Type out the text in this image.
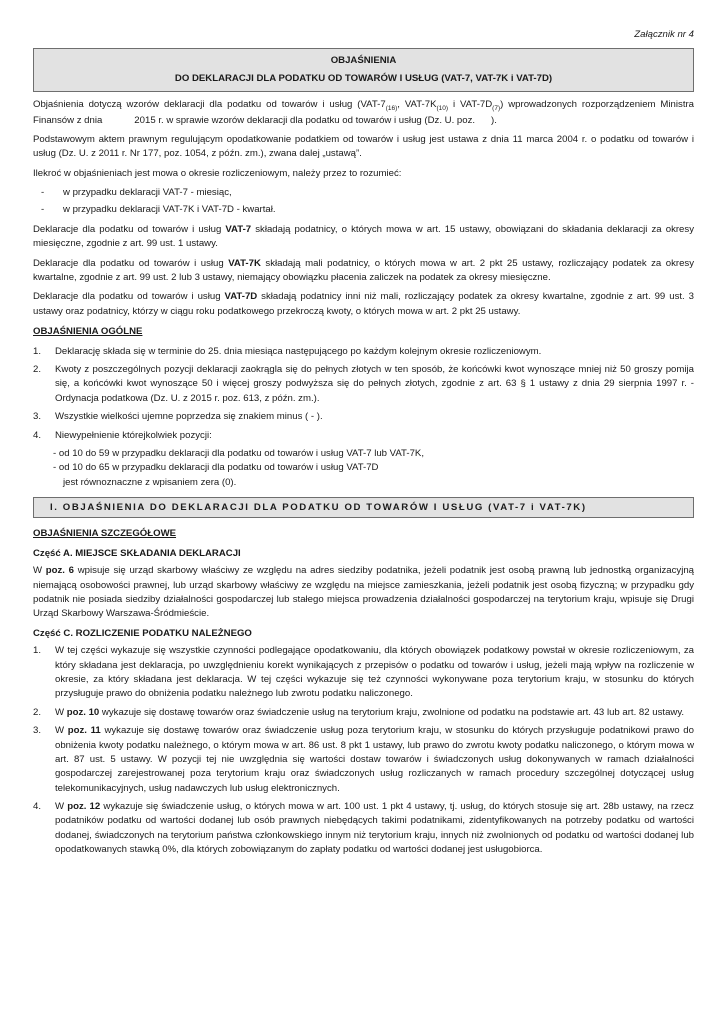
Załącznik nr 4
OBJAŚNIENIA
DO DEKLARACJI DLA PODATKU OD TOWARÓW I USŁUG (VAT-7, VAT-7K i VAT-7D)

Objaśnienia dotyczą wzorów deklaracji dla podatku od towarów i usług ($VAT-7_{(16)}$, VAT-$7K_{(10)}$ i VAT-$7D_{(7)}$) wprowadzonych rozporządzeniem Ministra Finansów z dnia            2015 r. w sprawie wzorów deklaracji dla podatku od towarów i usług (Dz. U. poz.      ).

Podstawowym aktem prawnym regulującym opodatkowanie podatkiem od towarów i usług jest ustawa z dnia 11 marca 2004 r. o podatku od towarów i usług (Dz. U. z 2011 r. Nr 177, poz. 1054, z późn. zm.), zwana dalej „ustawą”.

Ilekroć w objaśnieniach jest mowa o okresie rozliczeniowym, należy przez to rozumieć:

-	w przypadku deklaracji VAT-7 - miesiąc,
-	w przypadku deklaracji VAT-7K i VAT-7D - kwartał.

Deklaracje dla podatku od towarów i usług VAT-7 składają podatnicy, o których mowa w art. 15 ustawy, obowiązani do składania deklaracji za okresy miesięczne, zgodnie z art. 99 ust. 1 ustawy.

Deklaracje dla podatku od towarów i usług VAT-7K składają mali podatnicy, o których mowa w art. 2 pkt 25 ustawy, rozliczający podatek za okresy kwartalne, zgodnie z art. 99 ust. 2 lub 3 ustawy, niemający obowiązku płacenia zaliczek na podatek za okresy miesięczne.

Deklaracje dla podatku od towarów i usług VAT-7D składają podatnicy inni niż mali, rozliczający podatek za okresy kwartalne, zgodnie z art. 99 ust. 3 ustawy oraz podatnicy, którzy w ciągu roku podatkowego przekroczą kwoty, o których mowa w art. 2 pkt 25 ustawy.

OBJAŚNIENIA OGÓLNE
1.	Deklarację składa się w terminie do 25. dnia miesiąca następującego po każdym kolejnym okresie rozliczeniowym.
2.	Kwoty z poszczególnych pozycji deklaracji zaokrągla się do pełnych złotych w ten sposób, że końcówki kwot wynoszące mniej niż 50 groszy pomija się, a końcówki kwot wynoszące 50 i więcej groszy podwyższa się do pełnych złotych, zgodnie z art. 63 § 1 ustawy z dnia 29 sierpnia 1997 r. - Ordynacja podatkowa (Dz. U. z 2015 r. poz. 613, z późn. zm.).
3.	Wszystkie wielkości ujemne poprzedza się znakiem minus ( - ).
4.	Niewypełnienie którejkolwiek pozycji:
- od 10 do 59 w przypadku deklaracji dla podatku od towarów i usług VAT-7 lub VAT-7K,
- od 10 do 65 w przypadku deklaracji dla podatku od towarów i usług VAT-7D
jest równoznaczne z wpisaniem zera (0).
I. OBJAŚNIENIA DO DEKLARACJI DLA PODATKU OD TOWARÓW I USŁUG (VAT-7 i VAT-7K)
OBJAŚNIENIA SZCZEGÓŁOWE
Część A. MIEJSCE SKŁADANIA DEKLARACJI

W poz. 6 wpisuje się urząd skarbowy właściwy ze względu na adres siedziby podatnika, jeżeli podatnik jest osobą prawną lub jednostką organizacyjną niemającą osobowości prawnej, lub urząd skarbowy właściwy ze względu na miejsce zamieszkania, jeżeli podatnik jest osobą fizyczną; w przypadku gdy podatnik nie posiada siedziby działalności gospodarczej lub stałego miejsca prowadzenia działalności gospodarczej na terytorium kraju, wpisuje się Drugi Urząd Skarbowy Warszawa-Śródmieście.

Część C. ROZLICZENIE PODATKU NALEŻNEGO
1.	W tej części wykazuje się wszystkie czynności podlegające opodatkowaniu, dla których obowiązek podatkowy powstał w okresie rozliczeniowym, za który składana jest deklaracja, po uwzględnieniu korekt wynikających z przepisów o podatku od towarów i usług, jeżeli mają wpływ na rozliczenie w okresie, za który składana jest deklaracja. W tej części wykazuje się też czynności wykonywane poza terytorium kraju, w stosunku do których przysługuje prawo do obniżenia podatku należnego lub zwrotu podatku naliczonego.
2.	W poz. 10 wykazuje się dostawę towarów oraz świadczenie usług na terytorium kraju, zwolnione od podatku na podstawie art. 43 lub art. 82 ustawy.
3.	W poz. 11 wykazuje się dostawę towarów oraz świadczenie usług poza terytorium kraju, w stosunku do których przysługuje podatnikowi prawo do obniżenia kwoty podatku należnego, o którym mowa w art. 86 ust. 8 pkt 1 ustawy, lub prawo do zwrotu kwoty podatku naliczonego, o którym mowa w art. 87 ust. 5 ustawy. W pozycji tej nie uwzględnia się wartości dostaw towarów i świadczonych usług dokonywanych w ramach działalności gospodarczej zarejestrowanej poza terytorium kraju oraz świadczonych usług rozliczanych w ramach procedury szczególnej dotyczącej usług telekomunikacyjnych, usług nadawczych lub usług elektronicznych.
4.	W poz. 12 wykazuje się świadczenie usług, o których mowa w art. 100 ust. 1 pkt 4 ustawy, tj. usług, do których stosuje się art. 28b ustawy, na rzecz podatników podatku od wartości dodanej lub osób prawnych niebędących takimi podatnikami, zidentyfikowanych na potrzeby podatku od wartości dodanej, świadczonych na terytorium państwa członkowskiego innym niż terytorium kraju, innych niż zwolnionych od podatku od wartości dodanej lub opodatkowanych stawką 0%, dla których zobowiązanym do zapłaty podatku od wartości dodanej jest usługobiorca.
